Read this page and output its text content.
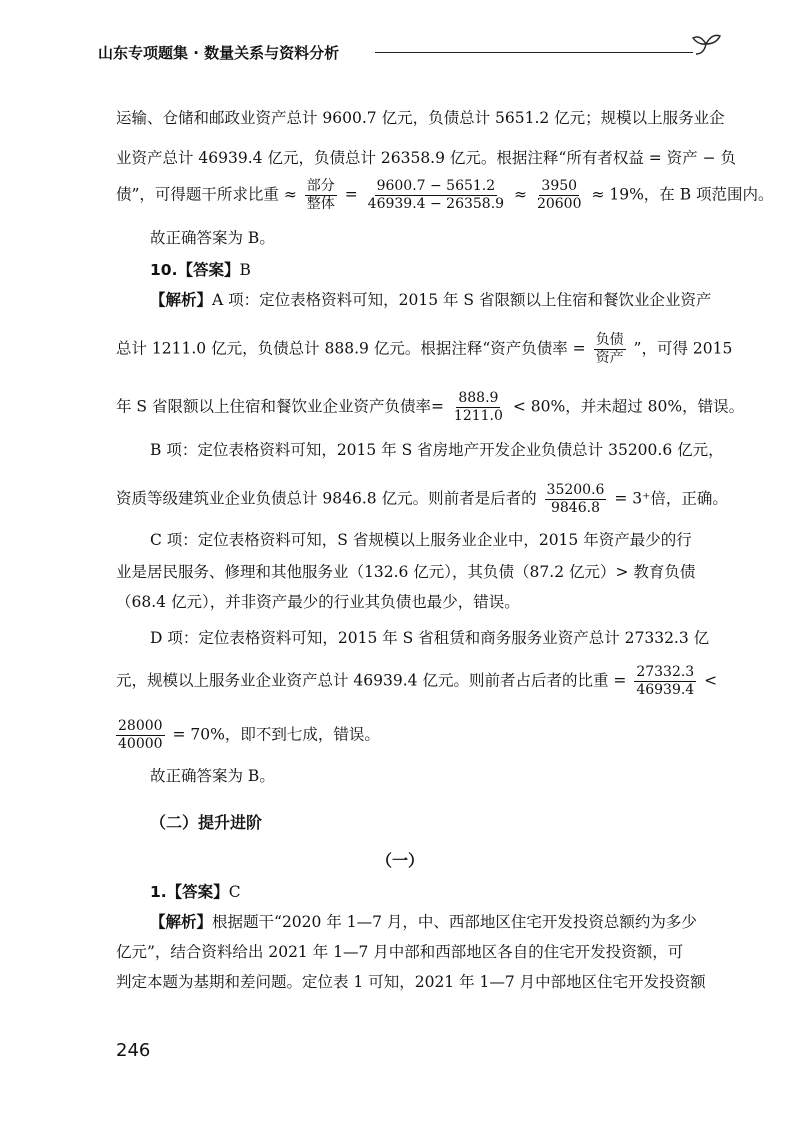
山东专项题集 · 数量关系与资料分析
运输、仓储和邮政业资产总计 9600.7 亿元，负债总计 5651.2 亿元；规模以上服务业企
业资产总计 46939.4 亿元，负债总计 26358.9 亿元。根据注释“所有者权益 = 资产 − 负
债”，可得题干所求比重 ≈ $\frac{\text{部分}}{\text{整体}} = \frac{9600.7 - 5651.2}{46939.4 - 26358.9} \approx \frac{3950}{20600} \approx 19\%$，在 B 项范围内。
故正确答案为 B。
10.【答案】B
【解析】A 项：定位表格资料可知，2015 年 S 省限额以上住宿和餐饮业企业资产
总计 1211.0 亿元，负债总计 888.9 亿元。根据注释“资产负债率 = $\frac{\text{负债}}{\text{资产}}$ ”，可得 2015
年 S 省限额以上住宿和餐饮业企业资产负债率= $\frac{888.9}{1211.0} < 80\%$，并未超过 80%，错误。
B 项：定位表格资料可知，2015 年 S 省房地产开发企业负债总计 35200.6 亿元，
资质等级建筑业企业负债总计 9846.8 亿元。则前者是后者的 $\frac{35200.6}{9846.8} = 3^+$倍，正确。
C 项：定位表格资料可知，S 省规模以上服务业企业中，2015 年资产最少的行
业是居民服务、修理和其他服务业（132.6 亿元），其负债（87.2 亿元）> 教育负债
（68.4 亿元），并非资产最少的行业其负债也最少，错误。
D 项：定位表格资料可知，2015 年 S 省租赁和商务服务业资产总计 27332.3 亿
元，规模以上服务业企业资产总计 46939.4 亿元。则前者占后者的比重 = $\frac{27332.3}{46939.4}$ <
$\frac{28000}{40000} = 70\%$，即不到七成，错误。
故正确答案为 B。
（二）提升进阶
（一）
1.【答案】C
【解析】根据题干“2020 年 1—7 月，中、西部地区住宅开发投资总额约为多少
亿元”，结合资料给出 2021 年 1—7 月中部和西部地区各自的住宅开发投资额，可
判定本题为基期和差问题。定位表 1 可知，2021 年 1—7 月中部地区住宅开发投资额
246
